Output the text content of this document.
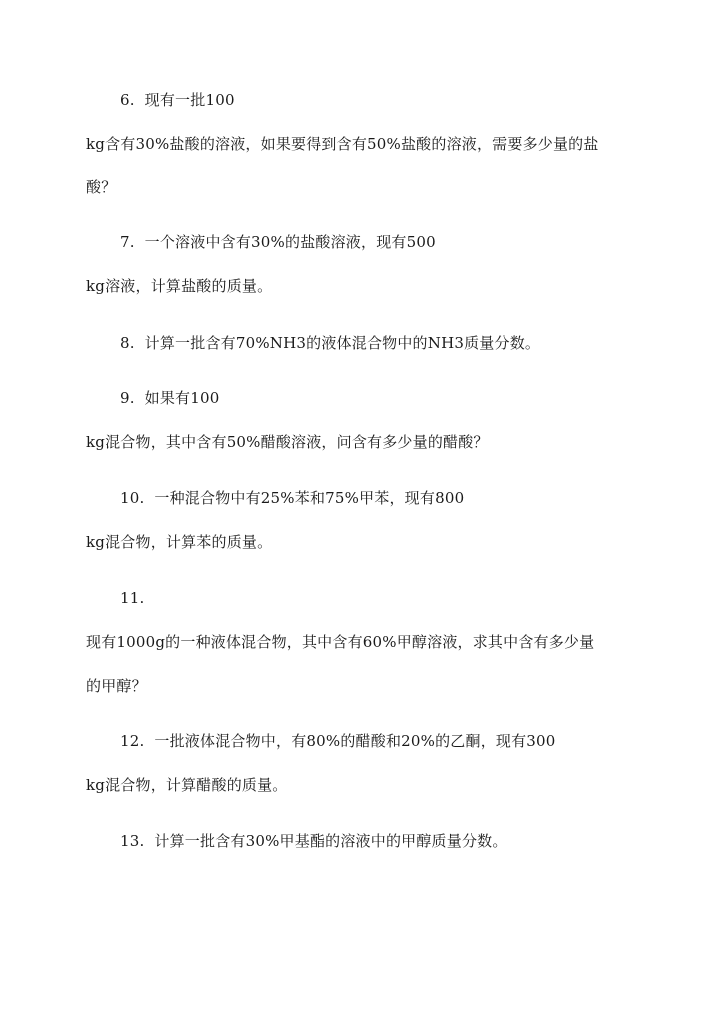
6. 现有一批100
kg含有30%盐酸的溶液，如果要得到含有50%盐酸的溶液，需要多少量的盐
酸？
7. 一个溶液中含有30%的盐酸溶液，现有500
kg溶液，计算盐酸的质量。
8. 计算一批含有70%NH3的液体混合物中的NH3质量分数。
9. 如果有100
kg混合物，其中含有50%醋酸溶液，问含有多少量的醋酸？
10. 一种混合物中有25%苯和75%甲苯，现有800
kg混合物，计算苯的质量。
11.
现有1000g的一种液体混合物，其中含有60%甲醇溶液，求其中含有多少量
的甲醇？
12. 一批液体混合物中，有80%的醋酸和20%的乙酮，现有300
kg混合物，计算醋酸的质量。
13. 计算一批含有30%甲基酯的溶液中的甲醇质量分数。
